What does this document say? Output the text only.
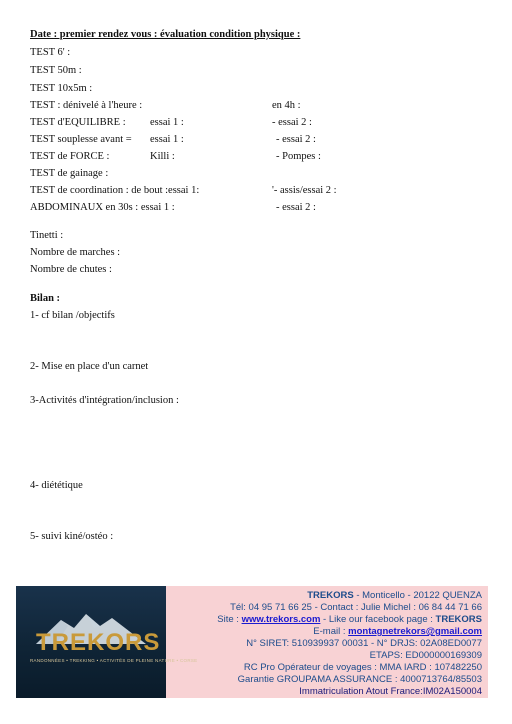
Date : premier rendez vous : évaluation condition physique :
TEST 6' :
TEST 50m :
TEST 10x5m :
TEST : dénivelé à l'heure :	en 4h :
TEST d'EQUILIBRE : essai 1 :	- essai 2 :
TEST souplesse avant = essai 1 :	- essai 2 :
TEST de FORCE :	Killi :	- Pompes :
TEST de gainage :
TEST de coordination : de bout :essai 1:	'- assis/essai 2 :
ABDOMINAUX en 30s : essai 1 :	- essai 2 :
Tinetti :
Nombre de marches :
Nombre de chutes :
Bilan :
1- cf bilan /objectifs
2- Mise en place d'un carnet
3-Activités d'intégration/inclusion :
4- diététique
5- suivi kiné/ostéo :
TREKORS
RANDONNÉES • TREKKING • ACTIVITÉS DE PLEINE NATURE • CORSE
TREKORS - Monticello - 20122 QUENZA
Tél: 04 95 71 66 25 - Contact : Julie Michel : 06 84 44 71 66
Site : www.trekors.com - Like our facebook page : TREKORS
E-mail : montagnetrekors@gmail.com
N° SIRET: 510939937 00031 - N° DRJS: 02A08ED0077
ETAPS: ED000000169309
RC Pro Opérateur de voyages : MMA IARD : 107482250
Garantie GROUPAMA ASSURANCE : 4000713764/85503
Immatriculation Atout France:IM02A150004
